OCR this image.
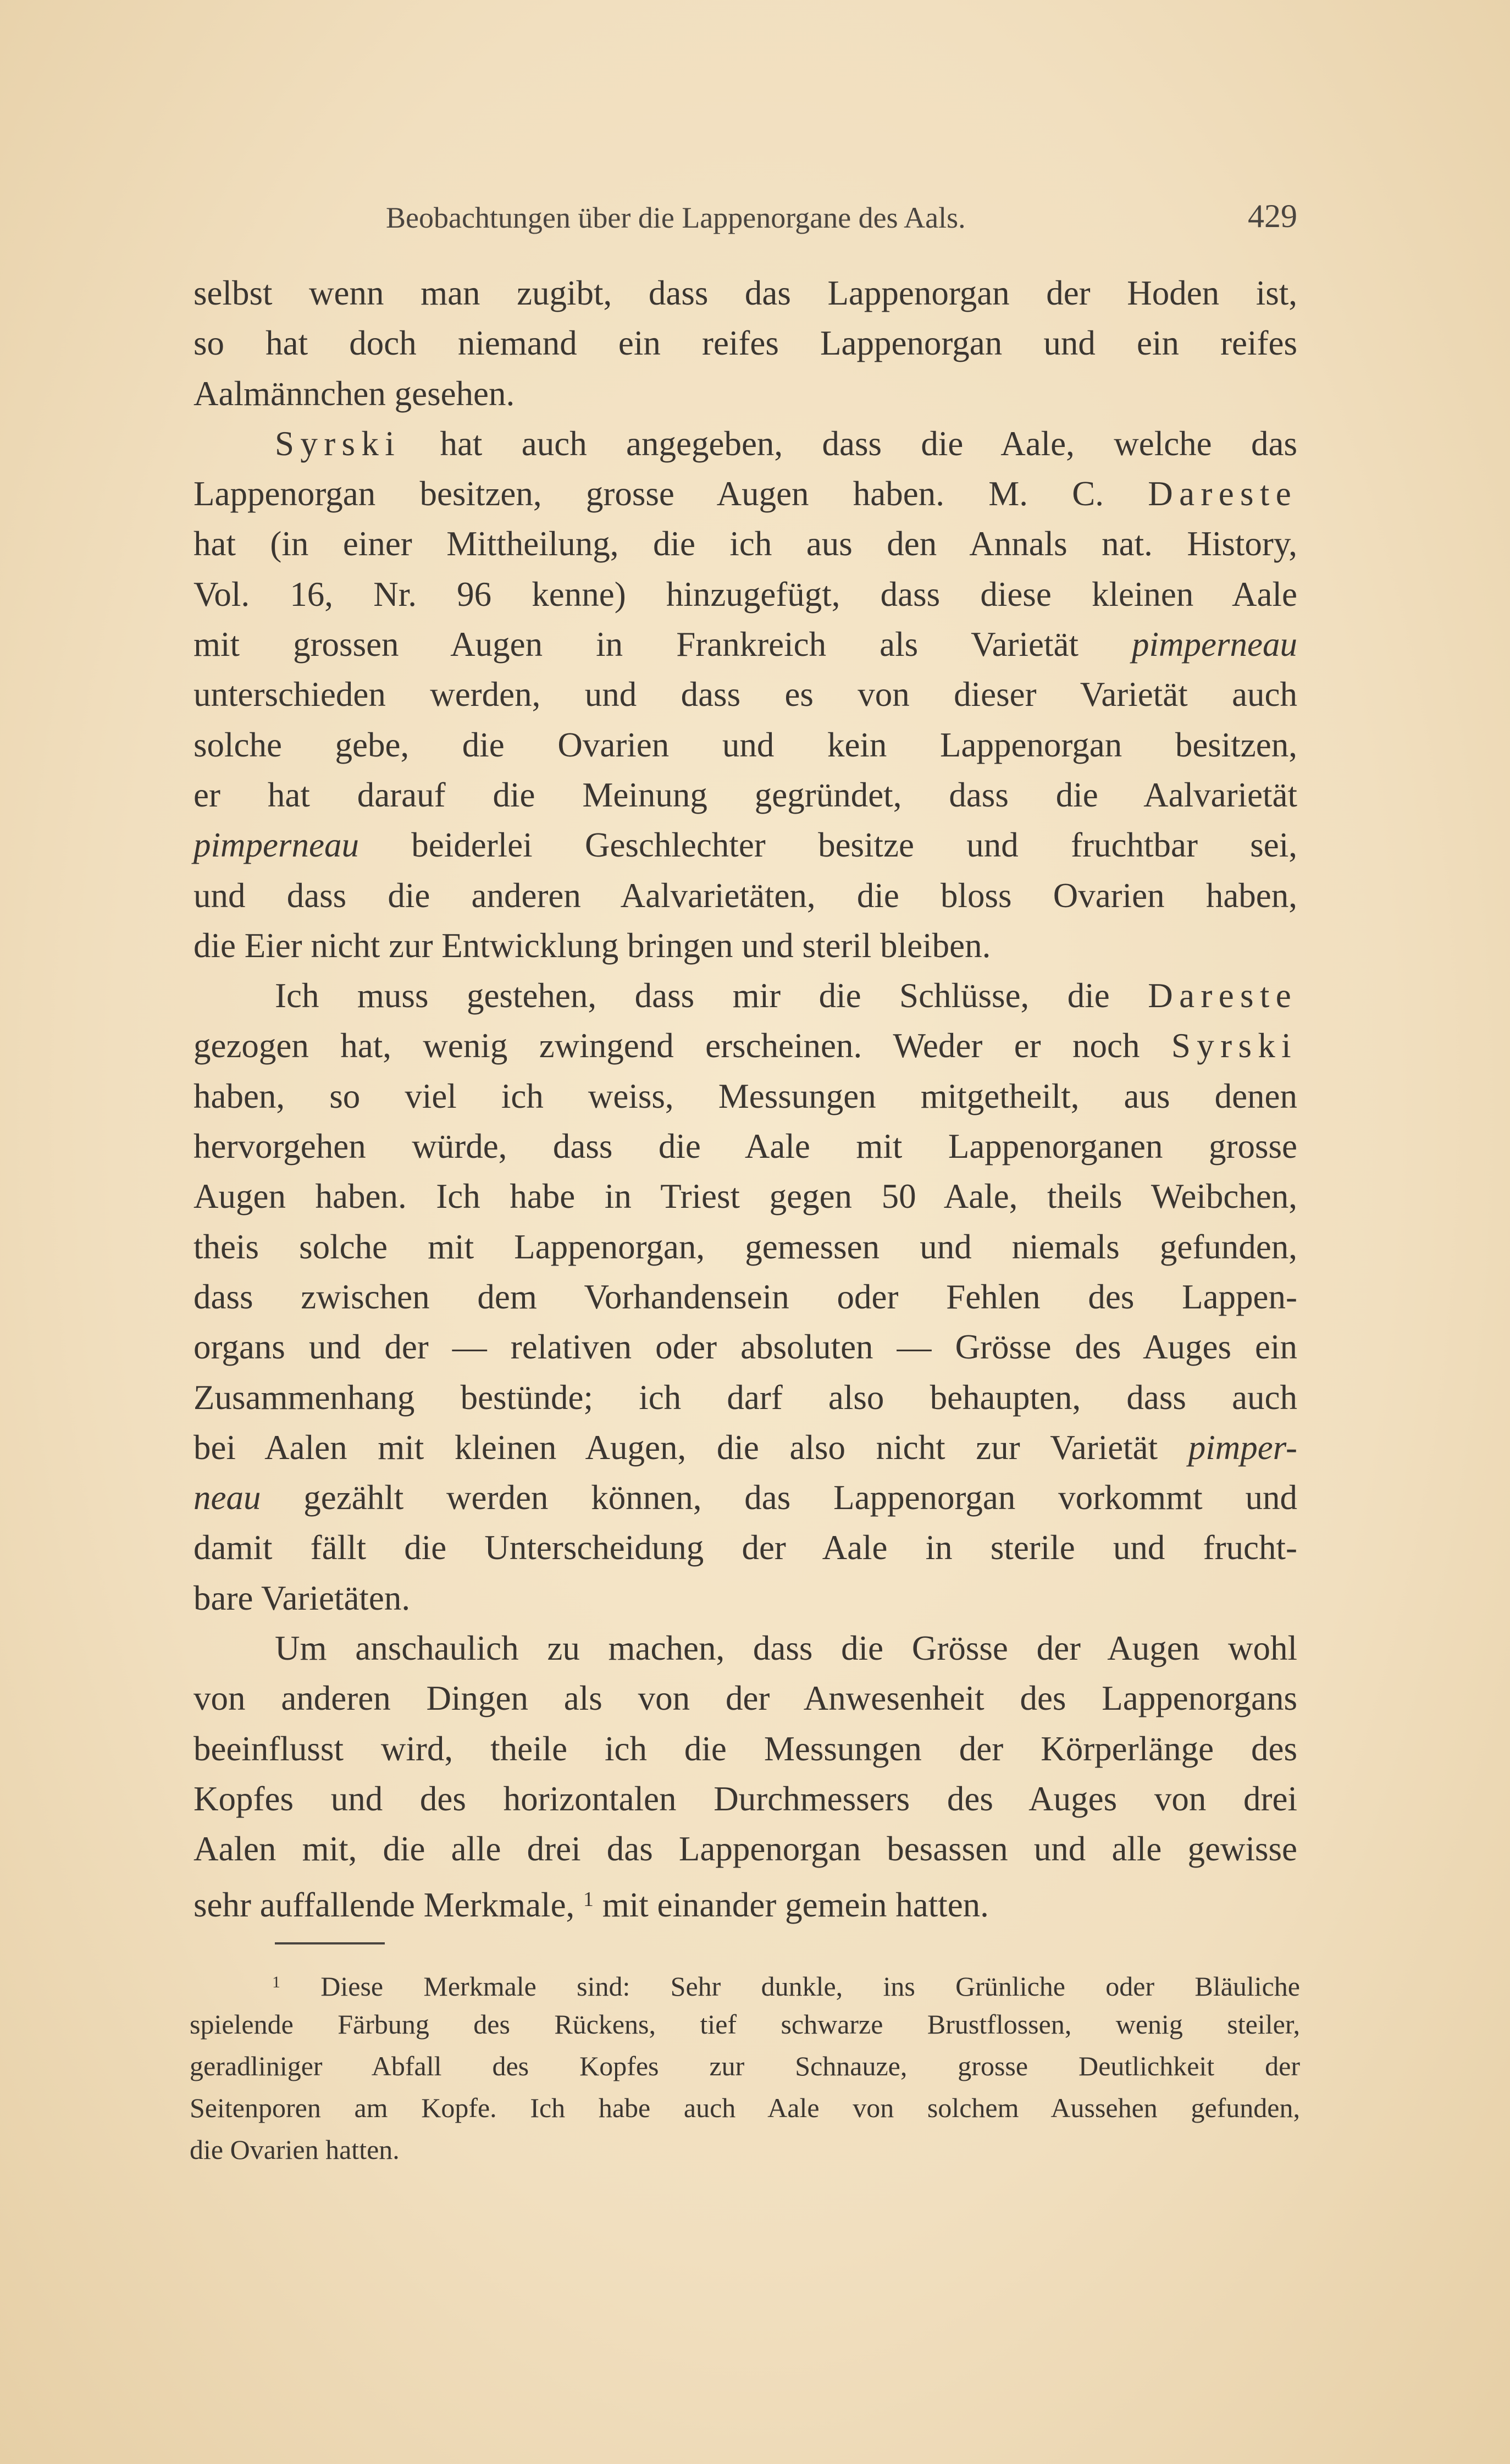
Beobachtungen über die Lappenorgane des Aals.	429
selbst wenn man zugibt, dass das Lappenorgan der Hoden ist,
so hat doch niemand ein reifes Lappenorgan und ein reifes
Aalmännchen gesehen.
Syrski hat auch angegeben, dass die Aale, welche das
Lappenorgan besitzen, grosse Augen haben. M. C. Dareste
hat (in einer Mittheilung, die ich aus den Annals nat. History,
Vol. 16, Nr. 96 kenne) hinzugefügt, dass diese kleinen Aale
mit grossen Augen in Frankreich als Varietät pimperneau
unterschieden werden, und dass es von dieser Varietät auch
solche gebe, die Ovarien und kein Lappenorgan besitzen,
er hat darauf die Meinung gegründet, dass die Aalvarietät
pimperneau beiderlei Geschlechter besitze und fruchtbar sei,
und dass die anderen Aalvarietäten, die bloss Ovarien haben,
die Eier nicht zur Entwicklung bringen und steril bleiben.
Ich muss gestehen, dass mir die Schlüsse, die Dareste
gezogen hat, wenig zwingend erscheinen. Weder er noch Syrski
haben, so viel ich weiss, Messungen mitgetheilt, aus denen
hervorgehen würde, dass die Aale mit Lappenorganen grosse
Augen haben. Ich habe in Triest gegen 50 Aale, theils Weibchen,
theis solche mit Lappenorgan, gemessen und niemals gefunden,
dass zwischen dem Vorhandensein oder Fehlen des Lappen-
organs und der — relativen oder absoluten — Grösse des Auges ein
Zusammenhang bestünde; ich darf also behaupten, dass auch
bei Aalen mit kleinen Augen, die also nicht zur Varietät pimper-
neau gezählt werden können, das Lappenorgan vorkommt und
damit fällt die Unterscheidung der Aale in sterile und frucht-
bare Varietäten.
Um anschaulich zu machen, dass die Grösse der Augen wohl
von anderen Dingen als von der Anwesenheit des Lappenorgans
beeinflusst wird, theile ich die Messungen der Körperlänge des
Kopfes und des horizontalen Durchmessers des Auges von drei
Aalen mit, die alle drei das Lappenorgan besassen und alle gewisse
sehr auffallende Merkmale, $^1$ mit einander gemein hatten.
$^1$ Diese Merkmale sind: Sehr dunkle, ins Grünliche oder Bläuliche
spielende Färbung des Rückens, tief schwarze Brustflossen, wenig steiler,
geradliniger Abfall des Kopfes zur Schnauze, grosse Deutlichkeit der
Seitenporen am Kopfe. Ich habe auch Aale von solchem Aussehen gefunden,
die Ovarien hatten.
